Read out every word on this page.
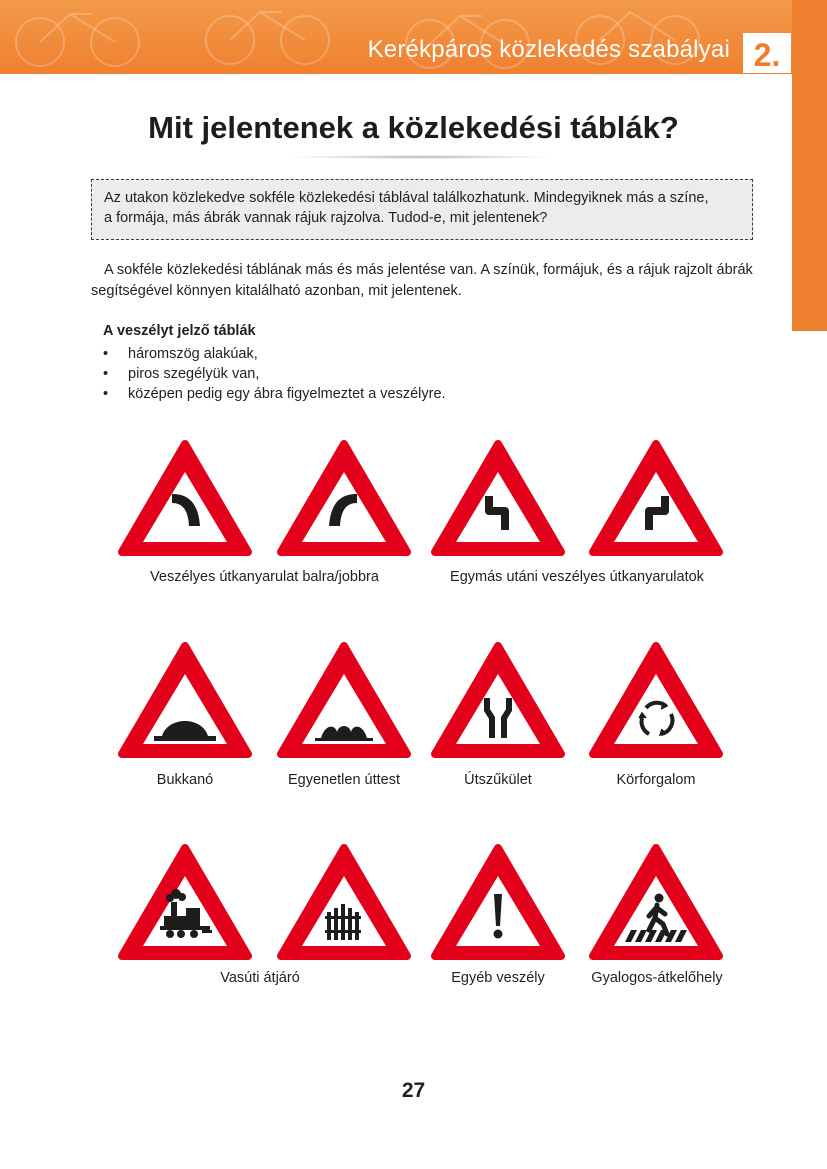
Kerékpáros közlekedés szabályai 2.
Mit jelentenek a közlekedési táblák?

Az utakon közlekedve sokféle közlekedési táblával találkozhatunk. Mindegyiknek más a színe,

a formája, más ábrák vannak rájuk rajzolva. Tudod-e, mit jelentenek?

A sokféle közlekedési táblának más és más jelentése van. A színük, formájuk, és a rájuk rajzolt ábrák segítségével könnyen kitalálható azonban, mit jelentenek.

A veszélyt jelző táblák
• háromszög alakúak,
• piros szegélyük van,
• középen pedig egy ábra figyelmeztet a veszélyre.
Veszélyes útkanyarulat balra/jobbra	Egymás utáni veszélyes útkanyarulatok
Bukkanó	Egyenetlen úttest	Útszűkület	Körforgalom
Vasúti átjáró	Egyéb veszély	Gyalogos-átkelőhely
27
